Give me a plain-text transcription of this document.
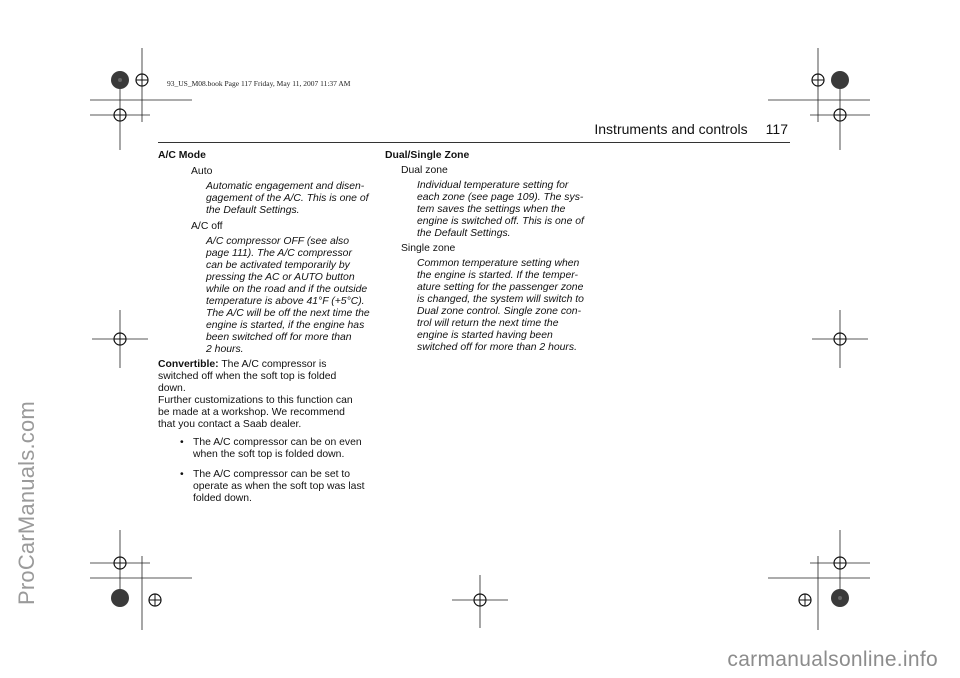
ProCarManuals.com
93_US_M08.book Page 117 Friday, May 11, 2007 11:37 AM
Instruments and controls 117
A/C Mode
Auto
Automatic engagement and disen-
gagement of the A/C. This is one of
the Default Settings.
A/C off
A/C compressor OFF (see also
page 111). The A/C compressor
can be activated temporarily by
pressing the AC or AUTO button
while on the road and if the outside
temperature is above 41°F (+5°C).
The A/C will be off the next time the
engine is started, if the engine has
been switched off for more than
2 hours.
Convertible: The A/C compressor is
switched off when the soft top is folded
down.
Further customizations to this function can
be made at a workshop. We recommend
that you contact a Saab dealer.
• The A/C compressor can be on even
when the soft top is folded down.
• The A/C compressor can be set to
operate as when the soft top was last
folded down.
Dual/Single Zone
Dual zone
Individual temperature setting for
each zone (see page 109). The sys-
tem saves the settings when the
engine is switched off. This is one of
the Default Settings.
Single zone
Common temperature setting when
the engine is started. If the temper-
ature setting for the passenger zone
is changed, the system will switch to
Dual zone control. Single zone con-
trol will return the next time the
engine is started having been
switched off for more than 2 hours.
carmanualsonline.info
